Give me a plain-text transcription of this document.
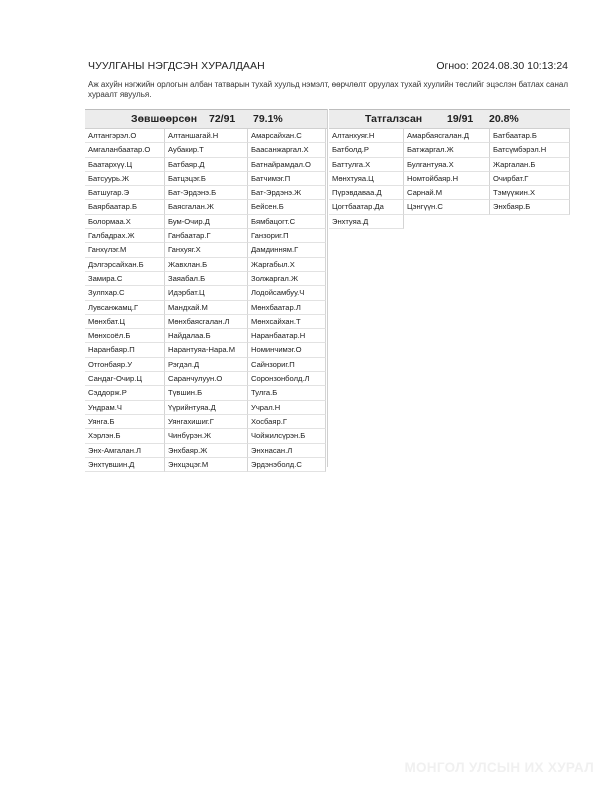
ЧУУЛГАНЫ НЭГДСЭН ХУРАЛДААН	Огноо: 2024.08.30 10:13:24
Аж ахуйн нэгжийн орлогын албан татварын тухай хуульд нэмэлт, өөрчлөлт оруулах тухай хуулийн төслийг эцэслэн батлах санал хураалт явуулья.
Зөвшөөрсөн 72/91 79.1%
Алтангэрэл.О	Алтаншагай.Н	Амарсайхан.С
Амгаланбаатар.О	Аубакир.Т	Баасанжаргал.Х
Баатархүү.Ц	Батбаяр.Д	Батнайрамдал.О
Батсуурь.Ж	Батцэцэг.Б	Батчимэг.П
Батшугар.Э	Бат-Эрдэнэ.Б	Бат-Эрдэнэ.Ж
Баярбаатар.Б	Баясгалан.Ж	Бейсен.Б
Болормаа.Х	Бум-Очир.Д	Бямбацогт.С
Галбадрах.Ж	Ганбаатар.Г	Ганзориг.П
Ганхүлэг.М	Ганхуяг.Х	Дамдинням.Г
Дэлгэрсайхан.Б	Жавхлан.Б	Жаргабыл.Х
Замира.С	Заяабал.Б	Золжаргал.Ж
Зулпхар.С	Идэрбат.Ц	Лодойсамбуу.Ч
Лувсанжамц.Г	Мандхай.М	Мөнхбаатар.Л
Мөнхбат.Ц	Мөнхбаясгалан.Л	Мөнхсайхан.Т
Мөнхсоёл.Б	Найдалаа.Б	Наранбаатар.Н
Наранбаяр.П	Нарантуяа-Нара.М	Номинчимэг.О
Отгонбаяр.У	Рэгдэл.Д	Сайнзориг.П
Сандаг-Очир.Ц	Саранчулуун.О	Соронзонболд.Л
Сэддорж.Р	Түвшин.Б	Тулга.Б
Ундрам.Ч	Үүрийнтуяа.Д	Учрал.Н
Уянга.Б	Уянгахишиг.Г	Хосбаяр.Г
Хэрлэн.Б	Чинбүрэн.Ж	Чойжилсүрэн.Б
Энх-Амгалан.Л	Энхбаяр.Ж	Энхнасан.Л
Энхтүвшин.Д	Энхцэцэг.М	Эрдэнэболд.С
Татгалзсан 19/91 20.8%
Алтанхуяг.Н	Амарбаясгалан.Д	Батбаатар.Б
Батболд.Р	Батжаргал.Ж	Батсүмбэрэл.Н
Баттулга.Х	Булгантуяа.Х	Жаргалан.Б
Мөнхтуяа.Ц	Номтойбаяр.Н	Очирбат.Г
Пүрэвдаваа.Д	Сарнай.М	Тэмүүжин.Х
Цогтбаатар.Да	Цэнгүүн.С	Энхбаяр.Б
Энхтуяа.Д
МОНГОЛ УЛСЫН ИХ ХУРАЛ
